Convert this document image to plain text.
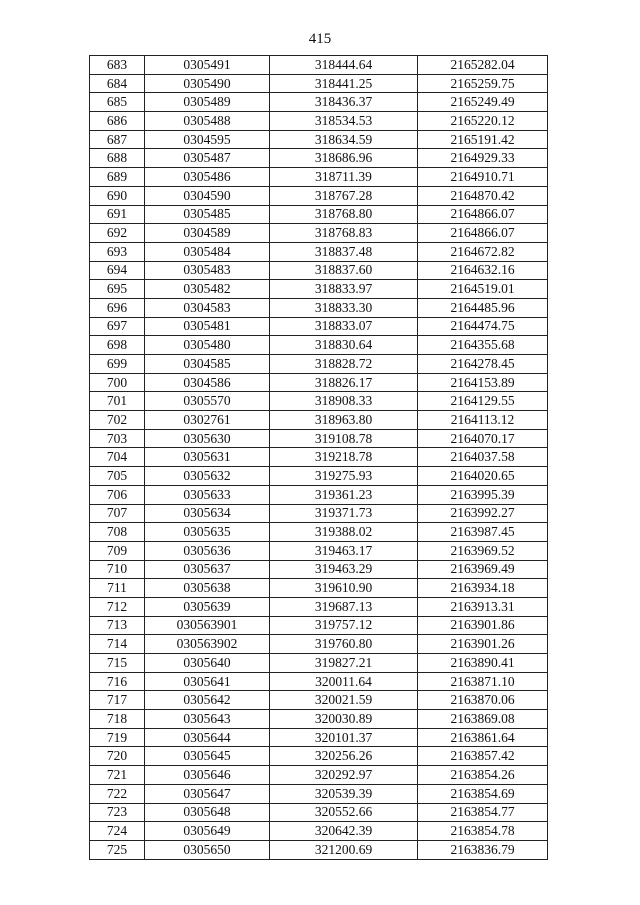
415
683	0305491	318444.64	2165282.04
684	0305490	318441.25	2165259.75
685	0305489	318436.37	2165249.49
686	0305488	318534.53	2165220.12
687	0304595	318634.59	2165191.42
688	0305487	318686.96	2164929.33
689	0305486	318711.39	2164910.71
690	0304590	318767.28	2164870.42
691	0305485	318768.80	2164866.07
692	0304589	318768.83	2164866.07
693	0305484	318837.48	2164672.82
694	0305483	318837.60	2164632.16
695	0305482	318833.97	2164519.01
696	0304583	318833.30	2164485.96
697	0305481	318833.07	2164474.75
698	0305480	318830.64	2164355.68
699	0304585	318828.72	2164278.45
700	0304586	318826.17	2164153.89
701	0305570	318908.33	2164129.55
702	0302761	318963.80	2164113.12
703	0305630	319108.78	2164070.17
704	0305631	319218.78	2164037.58
705	0305632	319275.93	2164020.65
706	0305633	319361.23	2163995.39
707	0305634	319371.73	2163992.27
708	0305635	319388.02	2163987.45
709	0305636	319463.17	2163969.52
710	0305637	319463.29	2163969.49
711	0305638	319610.90	2163934.18
712	0305639	319687.13	2163913.31
713	030563901	319757.12	2163901.86
714	030563902	319760.80	2163901.26
715	0305640	319827.21	2163890.41
716	0305641	320011.64	2163871.10
717	0305642	320021.59	2163870.06
718	0305643	320030.89	2163869.08
719	0305644	320101.37	2163861.64
720	0305645	320256.26	2163857.42
721	0305646	320292.97	2163854.26
722	0305647	320539.39	2163854.69
723	0305648	320552.66	2163854.77
724	0305649	320642.39	2163854.78
725	0305650	321200.69	2163836.79
